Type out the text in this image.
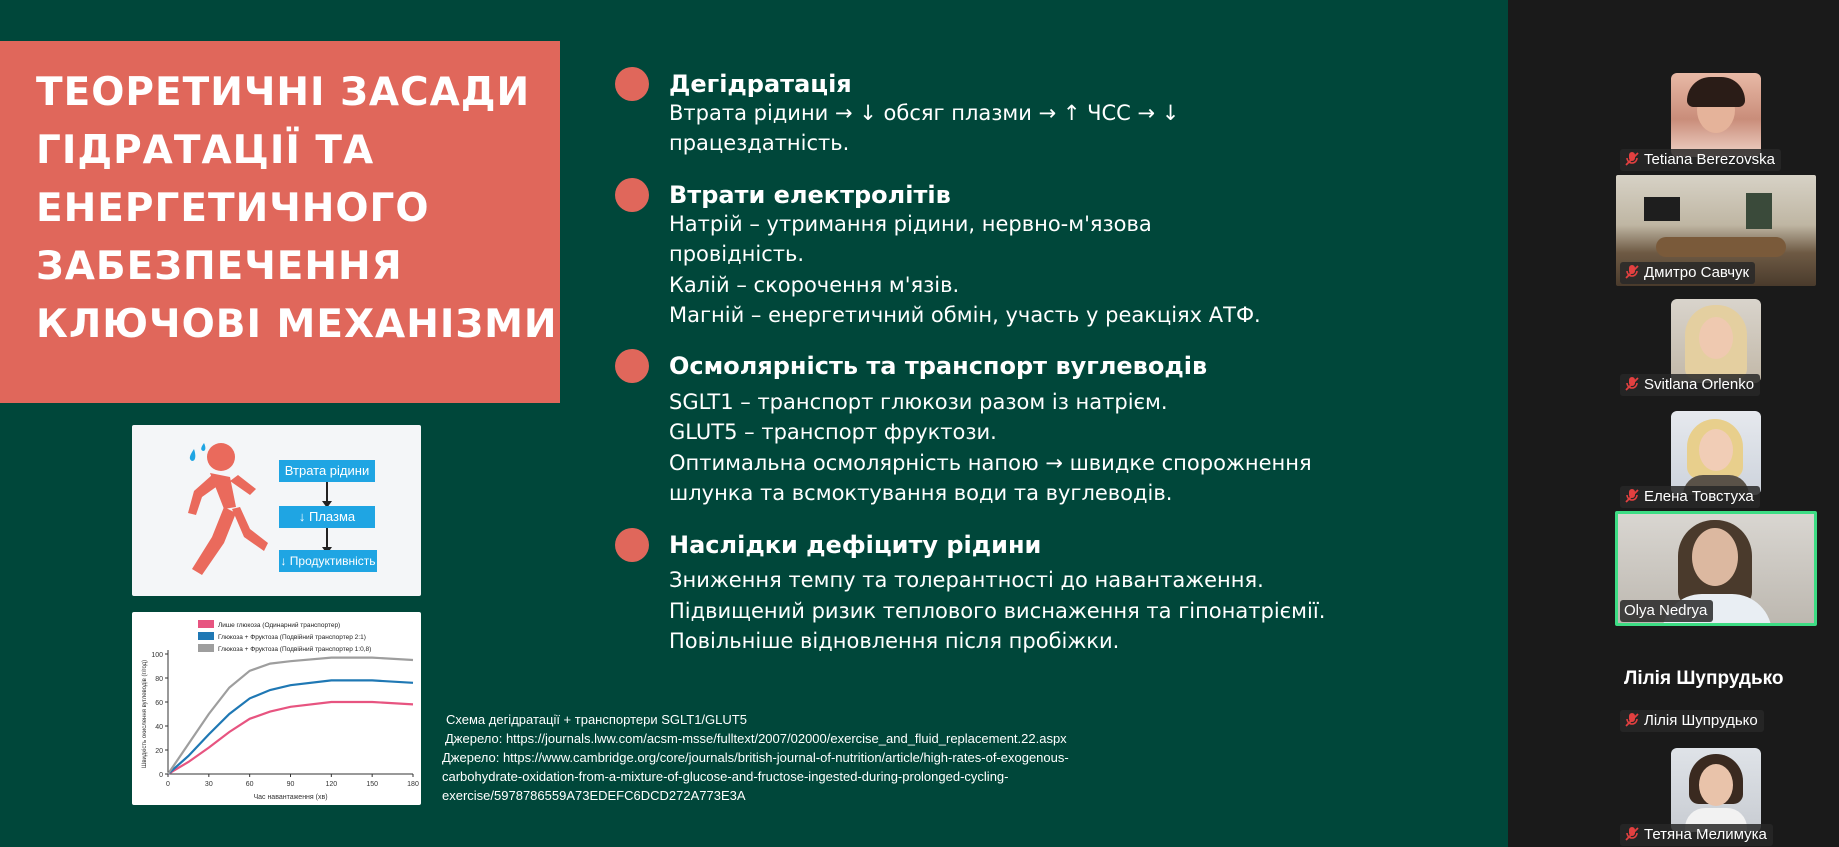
ТЕОРЕТИЧНІ ЗАСАДИ
ГІДРАТАЦІЇ ТА
ЕНЕРГЕТИЧНОГО
ЗАБЕЗПЕЧЕННЯ
КЛЮЧОВІ МЕХАНІЗМИ
Дегідратація
Втрата рідини → ↓ обсяг плазми → ↑ ЧСС → ↓
працездатність.
Втрати електролітів
Натрій – утримання рідини, нервно-м'язова
провідність.
Калій – скорочення м'язів.
Магній – енергетичний обмін, участь у реакціях АТФ.
Осмолярність та транспорт вуглеводів
SGLT1 – транспорт глюкози разом із натрієм.
GLUT5 – транспорт фруктози.
Оптимальна осмолярність напою → швидке спорожнення
шлунка та всмоктування води та вуглеводів.
Наслідки дефіциту рідини
Зниження темпу та толерантності до навантаження.
Підвищений ризик теплового виснаження та гіпонатріємії.
Повільніше відновлення після пробіжки.
Втрата рідини
↓ Плазма
↓ Продуктивність
0
20
40
60
80
100
0	30	60	90	120	150	180
Час навантаження (хв)
Швидкість окислення вуглеводів (г/год)
Лише глюкоза (Одинарний транспортер)
Глюкоза + Фруктоза (Подвійний транспортер 2:1)
Глюкоза + Фруктоза (Подвійний транспортер 1:0,8)
Схема дегідратації + транспортери SGLT1/GLUT5
Джерело: https://journals.lww.com/acsm-msse/fulltext/2007/02000/exercise_and_fluid_replacement.22.aspx
Джерело: https://www.cambridge.org/core/journals/british-journal-of-nutrition/article/high-rates-of-exogenous-
carbohydrate-oxidation-from-a-mixture-of-glucose-and-fructose-ingested-during-prolonged-cycling-
exercise/5978786559A73EDEFC6DCD272A773E3A
Tetiana Berezovska
Дмитро Савчук
Svitlana Orlenko
Елена Товстуха
Olya Nedrya
Лілія Шупрудько
Лілія Шупрудько
Тетяна Мелимука
